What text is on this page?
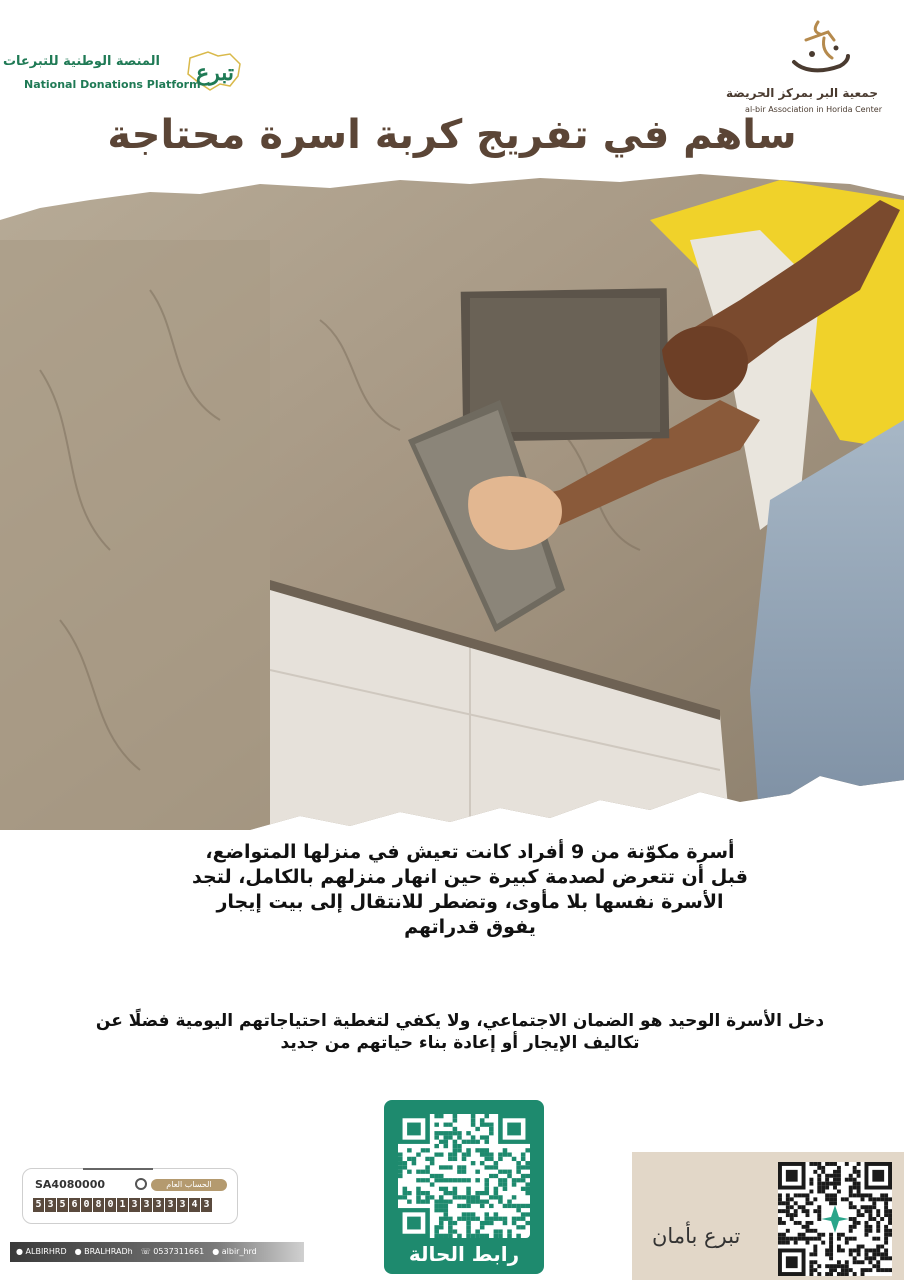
المنصة الوطنية للتبرعات
National Donations Platform
تبرع
جمعية البر بمركز الحريضة
al-bir Association in Horida Center
ساهم في تفريج كربة اسرة محتاجة
أسرة مكوّنة من 9 أفراد كانت تعيش في منزلها المتواضع،
قبل أن تتعرض لصدمة كبيرة حين انهار منزلهم بالكامل، لتجد
الأسرة نفسها بلا مأوى، وتضطر للانتقال إلى بيت إيجار
يفوق قدراتهم
دخل الأسرة الوحيد هو الضمان الاجتماعي، ولا يكفي لتغطية احتياجاتهم اليومية فضلًا عن
تكاليف الإيجار أو إعادة بناء حياتهم من جديد
SA4080000	الحساب العام
5 3 5 6 0 8 0 1 3 3 3 3 3 4 3
● ALBIRHRD ● BRALHRADh ☏ 0537311661 ● albir_hrd	رابط الحالة
تبرع بأمان
